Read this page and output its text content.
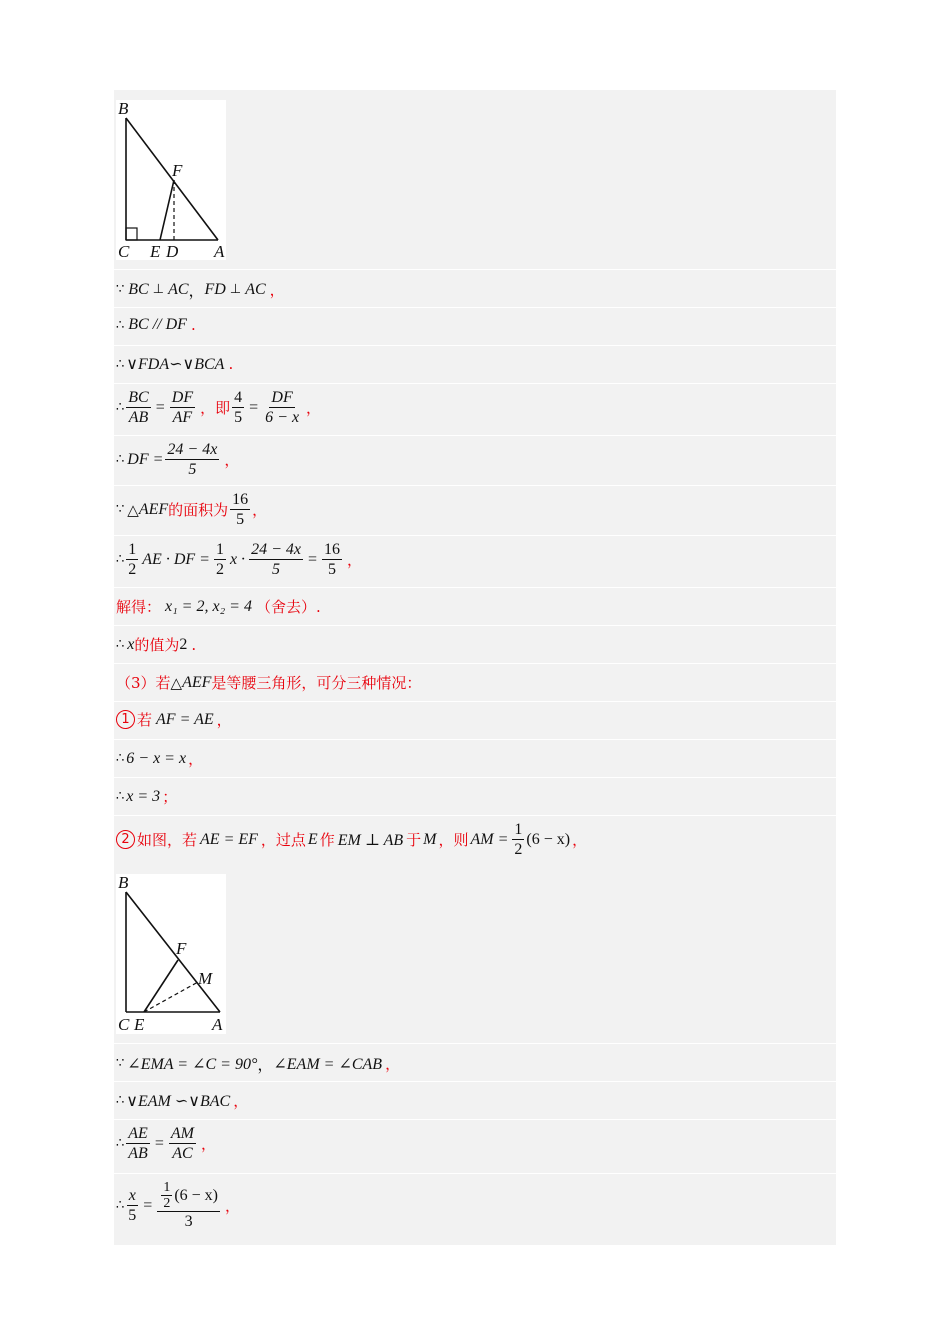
B
F
C E D A
∵ BC ⊥ AC ， FD ⊥ AC ，
∴ BC // DF .
∴ ∨FDA∽∨BCA .
∴ $\frac{BC}{AB} = \frac{DF}{AF}$ ，即 $\frac{4}{5} = \frac{DF}{6 - x}$ ，
∴ DF = $\frac{24 - 4x}{5}$ ，
∵ △ AEF 的面积为 $\frac{16}{5}$ ，
∴ $\frac{1}{2}$ AE · DF = $\frac{1}{2}$ $x \cdot \frac{24 - 4x}{5} = \frac{16}{5}$ ，
解得： x₁ = 2, x₂ = 4 （舍去）.
∴ x 的值为 2 .
（3）若 △ AEF 是等腰三角形，可分三种情况：
1 若 AF = AE ，
∴ 6 − x = x ，
∴ x = 3 ；
2 如图，若 AE = EF ，过点 E 作 EM ⊥ AB 于 M ，则 AM = $\frac{1}{2} (6 - x)$ ，
B
F
M
C E	A
∵ ∠EMA = ∠C = 90° ， ∠EAM = ∠CAB ，
∴ ∨EAM ∽∨BAC ，
∴ $\frac{AE}{AB} = \frac{AM}{AC}$ ，
∴ $\frac{x}{5} = \frac{\frac{1}{2} (6 - x)}{3}$ ，
